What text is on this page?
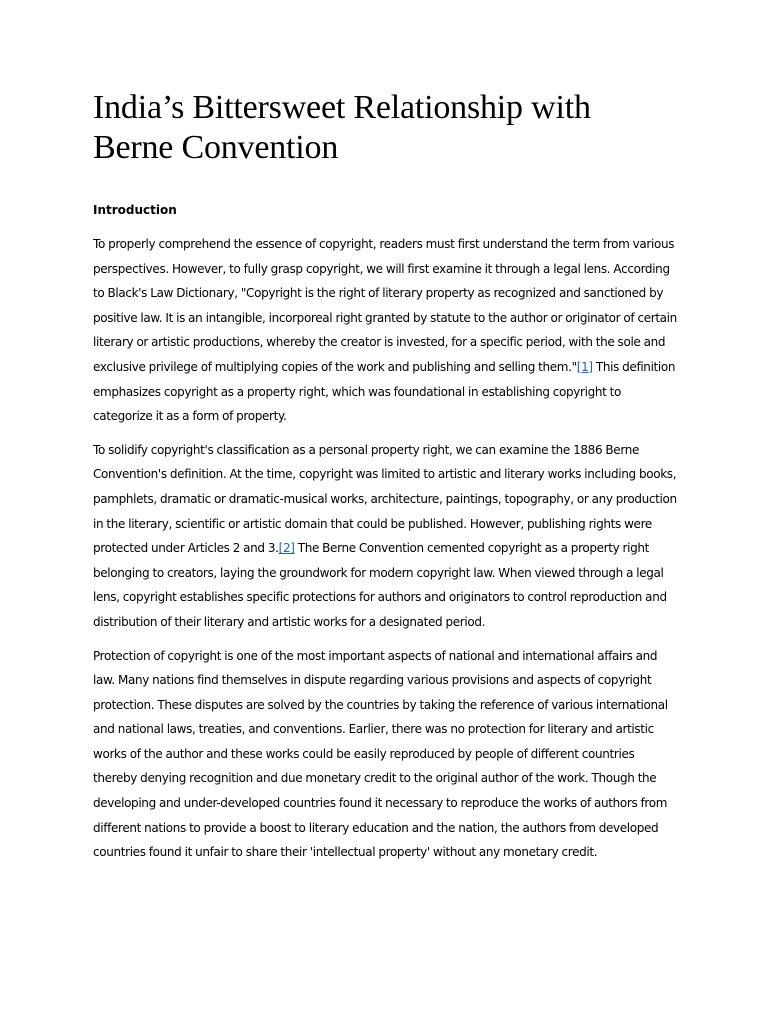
India’s Bittersweet Relationship with Berne Convention
Introduction

To properly comprehend the essence of copyright, readers must first understand the term from various perspectives. However, to fully grasp copyright, we will first examine it through a legal lens. According to Black's Law Dictionary, "Copyright is the right of literary property as recognized and sanctioned by positive law. It is an intangible, incorporeal right granted by statute to the author or originator of certain literary or artistic productions, whereby the creator is invested, for a specific period, with the sole and exclusive privilege of multiplying copies of the work and publishing and selling them."[1] This definition emphasizes copyright as a property right, which was foundational in establishing copyright to categorize it as a form of property.

To solidify copyright's classification as a personal property right, we can examine the 1886 Berne Convention's definition. At the time, copyright was limited to artistic and literary works including books, pamphlets, dramatic or dramatic-musical works, architecture, paintings, topography, or any production in the literary, scientific or artistic domain that could be published. However, publishing rights were protected under Articles 2 and 3.[2] The Berne Convention cemented copyright as a property right belonging to creators, laying the groundwork for modern copyright law. When viewed through a legal lens, copyright establishes specific protections for authors and originators to control reproduction and distribution of their literary and artistic works for a designated period.

Protection of copyright is one of the most important aspects of national and international affairs and law. Many nations find themselves in dispute regarding various provisions and aspects of copyright protection. These disputes are solved by the countries by taking the reference of various international and national laws, treaties, and conventions. Earlier, there was no protection for literary and artistic works of the author and these works could be easily reproduced by people of different countries thereby denying recognition and due monetary credit to the original author of the work. Though the developing and under-developed countries found it necessary to reproduce the works of authors from different nations to provide a boost to literary education and the nation, the authors from developed countries found it unfair to share their 'intellectual property' without any monetary credit.
